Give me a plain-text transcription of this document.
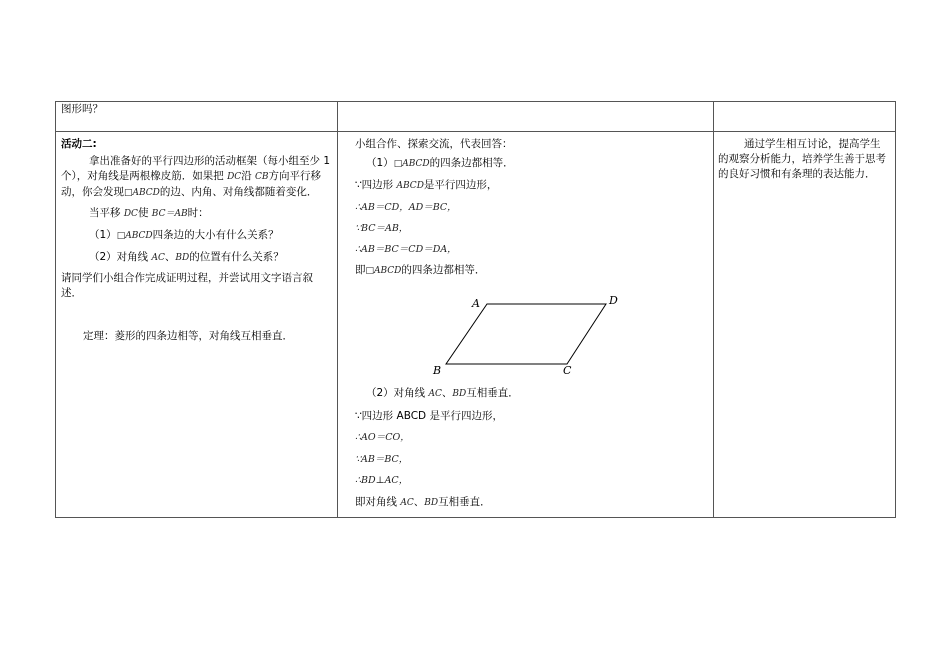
图形吗？

活动二:

拿出准备好的平行四边形的活动框架（每小组至少 1 个），对角线是两根橡皮筋．如果把 DC沿 CB方向平行移动，你会发现□ABCD的边、内角、对角线都随着变化．

当平移 DC使 BC＝AB时：

（1）□ABCD四条边的大小有什么关系？

（2）对角线 AC、BD的位置有什么关系？

请同学们小组合作完成证明过程，并尝试用文字语言叙述．

定理：菱形的四条边相等，对角线互相垂直．

小组合作、探索交流，代表回答：

（1）□ABCD的四条边都相等．

∵四边形 ABCD是平行四边形，

∴AB＝CD，AD＝BC，

∵BC＝AB，

∴AB＝BC＝CD＝DA，

即□ABCD的四条边都相等．

A	D
B	C

（2）对角线 AC、BD互相垂直．

∵四边形 ABCD 是平行四边形，

∴AO＝CO，

∵AB＝BC，

∴BD⊥AC，

即对角线 AC、BD互相垂直．

通过学生相互讨论，提高学生的观察分析能力，培养学生善于思考的良好习惯和有条理的表达能力．
